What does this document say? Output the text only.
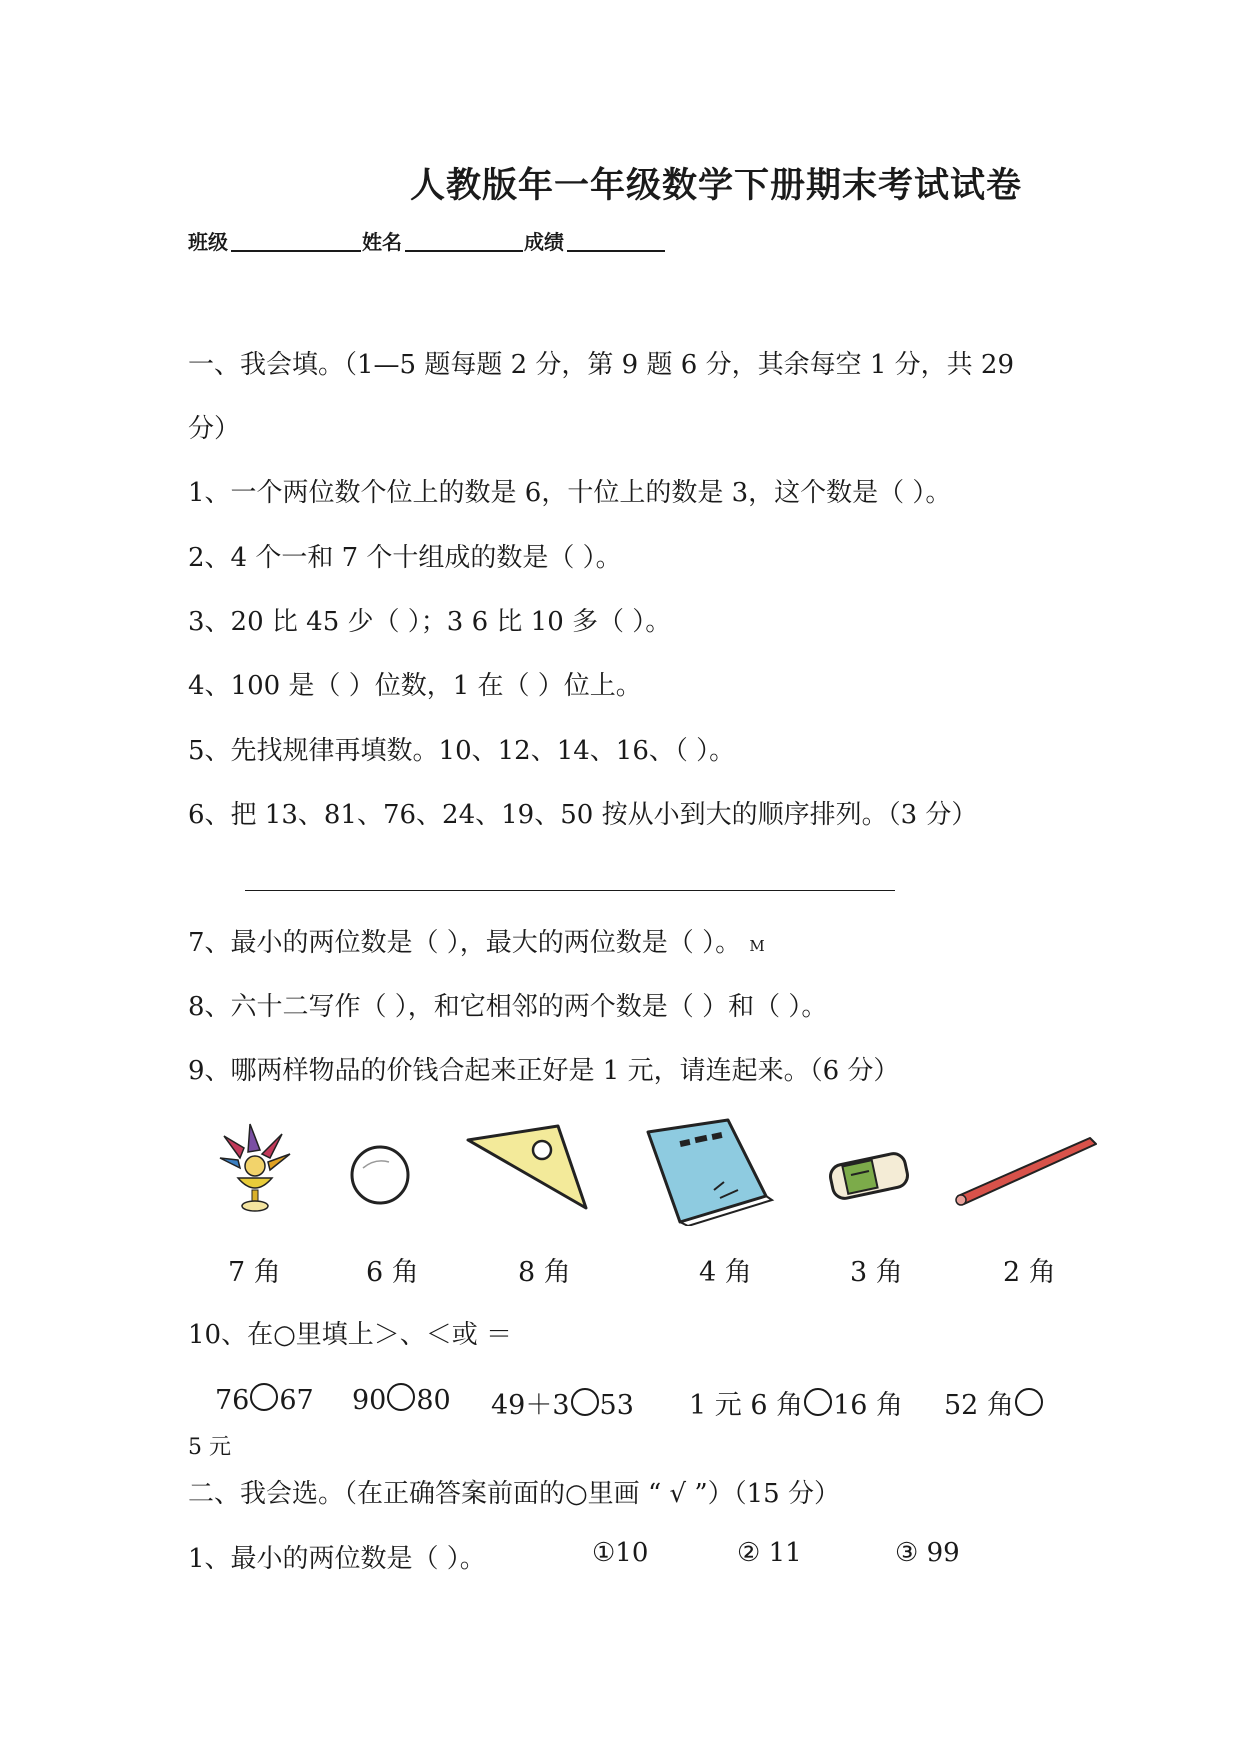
人教版年一年级数学下册期末考试试卷
班级	姓名	成绩
一、我会填。（1—5 题每题 2 分，第 9 题 6 分，其余每空 1 分，共 29
分）
1、一个两位数个位上的数是 6，十位上的数是 3，这个数是（ ）。
2、4 个一和 7 个十组成的数是（ ）。
3、20 比 45 少（ ）；3 6 比 10 多（ ）。
4、100 是（ ）位数，1 在（ ）位上。
5、先找规律再填数。10、12、14、16、（ ）。
6、把 13、81、76、24、19、50 按从小到大的顺序排列。（3 分）
7、最小的两位数是（ ），最大的两位数是（ ）。 M
8、六十二写作（ ），和它相邻的两个数是（ ）和（ ）。
9、哪两样物品的价钱合起来正好是 1 元，请连起来。（6 分）
7 角	6 角	8 角	4 角	3 角	2 角
10、在○里填上＞、＜或 ＝
76 67 90 80 49＋3 53 1 元 6 角 16 角 52 角
5 元
二、我会选。（在正确答案前面的○里画 “ √ ”）（15 分）
1、最小的两位数是（ ）。	①10	② 11	③ 99
